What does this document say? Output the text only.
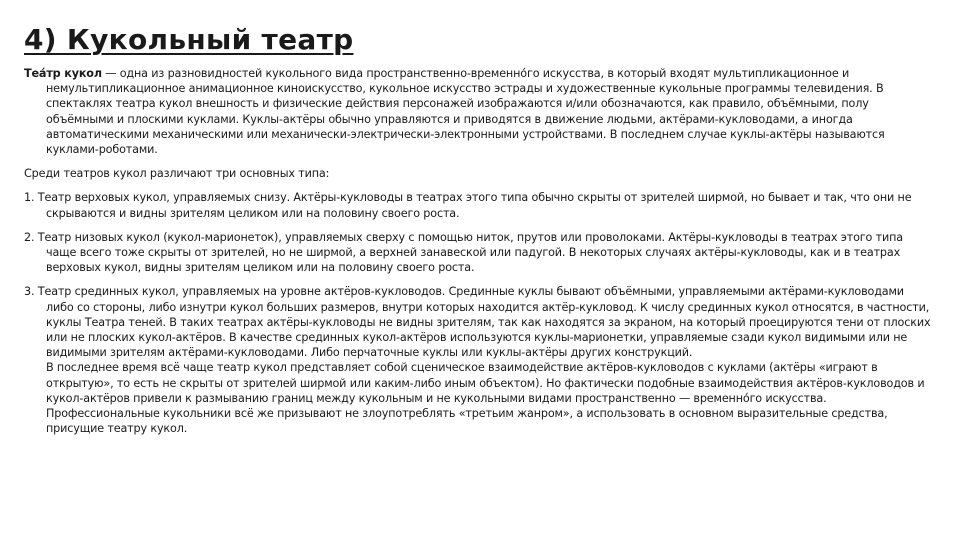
4) Кукольный театр

Теа́тр кукол — одна из разновидностей кукольного вида пространственно-временно́го искусства, в который входят мультипликационное и немультипликационное анимационное киноискусство, кукольное искусство эстрады и художественные кукольные программы телевидения. В спектаклях театра кукол внешность и физические действия персонажей изображаются и/или обозначаются, как правило, объёмными, полу объёмными и плоскими куклами. Куклы-актёры обычно управляются и приводятся в движение людьми, актёрами-кукловодами, а иногда автоматическими механическими или механически-электрически-электронными устройствами. В последнем случае куклы-актёры называются куклами-роботами.

Среди театров кукол различают три основных типа:

1. Театр верховых кукол, управляемых снизу. Актёры-кукловоды в театрах этого типа обычно скрыты от зрителей ширмой, но бывает и так, что они не скрываются и видны зрителям целиком или на половину своего роста.

2. Театр низовых кукол (кукол-марионеток), управляемых сверху с помощью ниток, прутов или проволоками. Актёры-кукловоды в театрах этого типа чаще всего тоже скрыты от зрителей, но не ширмой, а верхней занавеской или падугой. В некоторых случаях актёры-кукловоды, как и в театрах верховых кукол, видны зрителям целиком или на половину своего роста.

3. Театр срединных кукол, управляемых на уровне актёров-кукловодов. Срединные куклы бывают объёмными, управляемыми актёрами-кукловодами либо со стороны, либо изнутри кукол больших размеров, внутри которых находится актёр-кукловод. К числу срединных кукол относятся, в частности, куклы Театра теней. В таких театрах актёры-кукловоды не видны зрителям, так как находятся за экраном, на который проецируются тени от плоских или не плоских кукол-актёров. В качестве срединных кукол-актёров используются куклы-марионетки, управляемые сзади кукол видимыми или не видимыми зрителям актёрами-кукловодами. Либо перчаточные куклы или куклы-актёры других конструкций.
В последнее время всё чаще театр кукол представляет собой сценическое взаимодействие актёров-кукловодов с куклами (актёры «играют в открытую», то есть не скрыты от зрителей ширмой или каким-либо иным объектом). Но фактически подобные взаимодействия актёров-кукловодов и кукол-актёров привели к размыванию границ между кукольным и не кукольными видами пространственно — временно́го искусства. Профессиональные кукольники всё же призывают не злоупотреблять «третьим жанром», а использовать в основном выразительные средства, присущие театру кукол.
